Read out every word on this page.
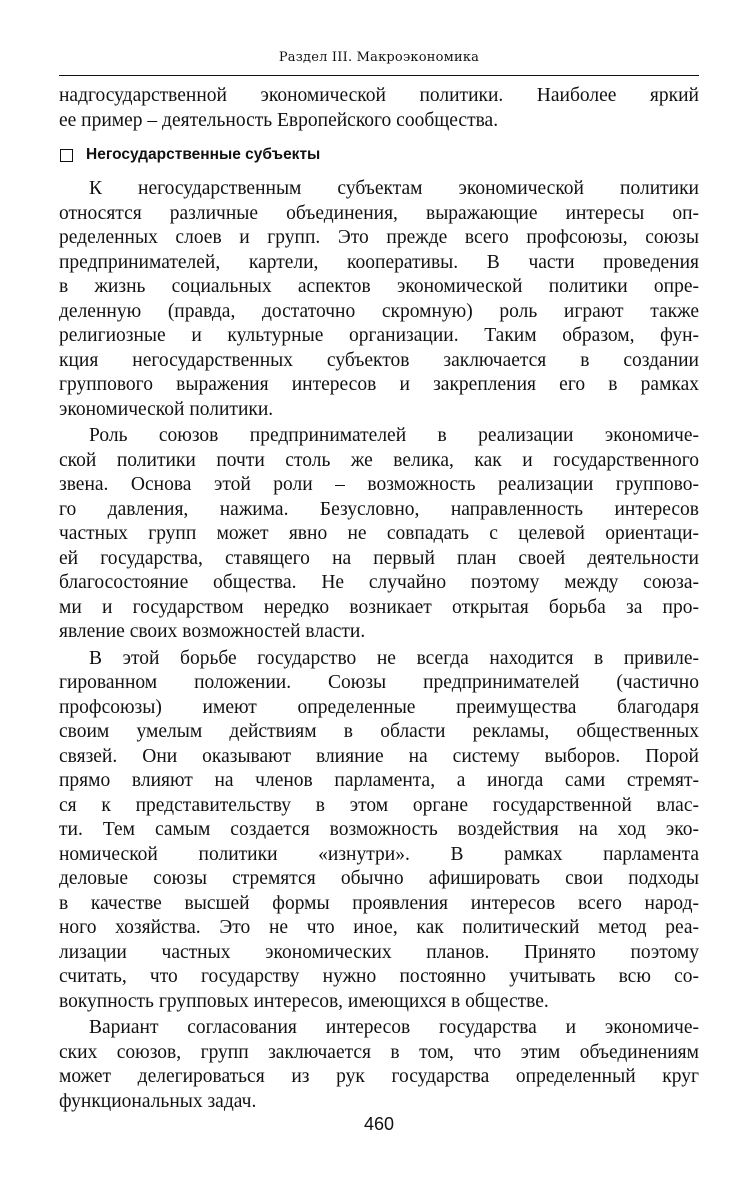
Раздел III. Макроэкономика
надгосударственной экономической политики. Наиболее яркий
ее пример – деятельность Европейского сообщества.
Негосударственные субъекты
К негосударственным субъектам экономической политики
относятся различные объединения, выражающие интересы оп-
ределенных слоев и групп. Это прежде всего профсоюзы, союзы
предпринимателей, картели, кооперативы. В части проведения
в жизнь социальных аспектов экономической политики опре-
деленную (правда, достаточно скромную) роль играют также
религиозные и культурные организации. Таким образом, фун-
кция негосударственных субъектов заключается в создании
группового выражения интересов и закрепления его в рамках
экономической политики.
Роль союзов предпринимателей в реализации экономиче-
ской политики почти столь же велика, как и государственного
звена. Основа этой роли – возможность реализации группово-
го давления, нажима. Безусловно, направленность интересов
частных групп может явно не совпадать с целевой ориентаци-
ей государства, ставящего на первый план своей деятельности
благосостояние общества. Не случайно поэтому между союза-
ми и государством нередко возникает открытая борьба за про-
явление своих возможностей власти.
В этой борьбе государство не всегда находится в привиле-
гированном положении. Союзы предпринимателей (частично
профсоюзы) имеют определенные преимущества благодаря
своим умелым действиям в области рекламы, общественных
связей. Они оказывают влияние на систему выборов. Порой
прямо влияют на членов парламента, а иногда сами стремят-
ся к представительству в этом органе государственной влас-
ти. Тем самым создается возможность воздействия на ход эко-
номической политики «изнутри». В рамках парламента
деловые союзы стремятся обычно афишировать свои подходы
в качестве высшей формы проявления интересов всего народ-
ного хозяйства. Это не что иное, как политический метод реа-
лизации частных экономических планов. Принято поэтому
считать, что государству нужно постоянно учитывать всю со-
вокупность групповых интересов, имеющихся в обществе.
Вариант согласования интересов государства и экономиче-
ских союзов, групп заключается в том, что этим объединениям
может делегироваться из рук государства определенный круг
функциональных задач.
460
